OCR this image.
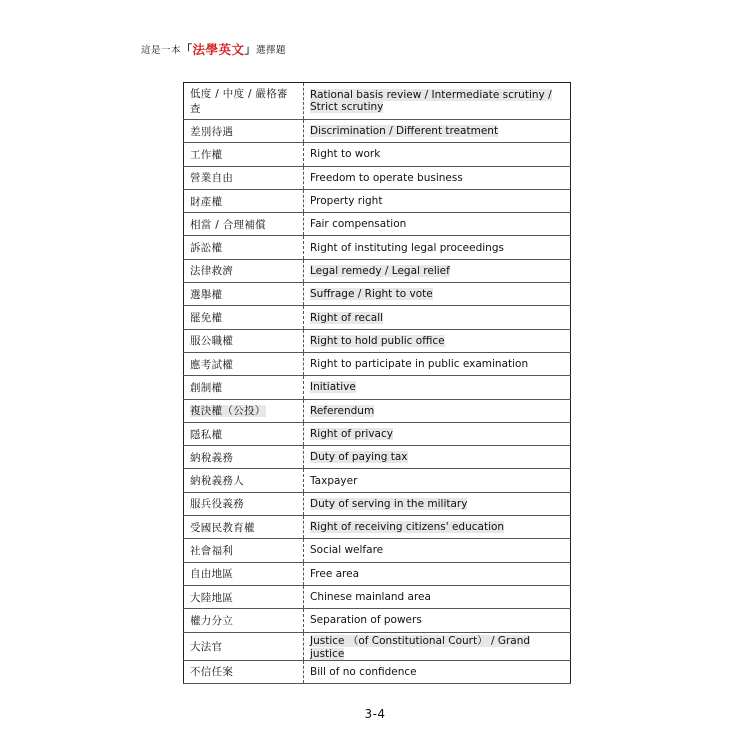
這是一本 「 法學英文 」 選擇題
低度 / 中度 / 嚴格審查	Rational basis review / Intermediate scrutiny / Strict scrutiny
差別待遇	Discrimination / Different treatment
工作權	Right to work
營業自由	Freedom to operate business
財產權	Property right
相當 / 合理補償	Fair compensation
訴訟權	Right of instituting legal proceedings
法律救濟	Legal remedy / Legal relief
選舉權	Suffrage / Right to vote
罷免權	Right of recall
服公職權	Right to hold public office
應考試權	Right to participate in public examination
創制權	Initiative
複決權（公投）	Referendum
隱私權	Right of privacy
納稅義務	Duty of paying tax
納稅義務人	Taxpayer
服兵役義務	Duty of serving in the military
受國民教育權	Right of receiving citizens' education
社會福利	Social welfare
自由地區	Free area
大陸地區	Chinese mainland area
權力分立	Separation of powers
大法官	Justice （of Constitutional Court） / Grand justice
不信任案	Bill of no confidence
3-4
